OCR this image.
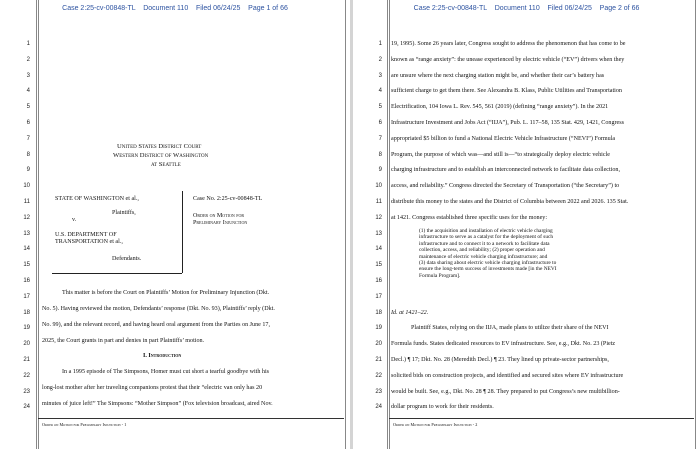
Case 2:25-cv-00848-TL Document 110 Filed 06/24/25 Page 1 of 66
1
2
3
4
5
6
7
8
9
10
11
12
13
14
15
16
17
18
19
20
21
22
23
24
United States District Court
Western District of Washington
at Seattle
STATE OF WASHINGTON et al.,
Plaintiffs,
v.
U.S. DEPARTMENT OF
TRANSPORTATION et al.,
Defendants.
Case No. 2:25-cv-00848-TL
Order on Motion for
Preliminary Injunction
This matter is before the Court on Plaintiffs’ Motion for Preliminary Injunction (Dkt.
No. 5). Having reviewed the motion, Defendants’ response (Dkt. No. 93), Plaintiffs’ reply (Dkt.
No. 99), and the relevant record, and having heard oral argument from the Parties on June 17,
2025, the Court grants in part and denies in part Plaintiffs’ motion.
I. Introduction
In a 1995 episode of The Simpsons, Homer must cut short a tearful goodbye with his
long-lost mother after her traveling companions protest that their “electric van only has 20
minutes of juice left!” The Simpsons: “Mother Simpson” (Fox television broadcast, aired Nov.
Order on Motion for Preliminary Injunction - 1
Case 2:25-cv-00848-TL Document 110 Filed 06/24/25 Page 2 of 66
1
2
3
4
5
6
7
8
9
10
11
12
13
14
15
16
17
18
19
20
21
22
23
24
19, 1995). Some 26 years later, Congress sought to address the phenomenon that has come to be
known as “range anxiety”: the unease experienced by electric vehicle (“EV”) drivers when they
are unsure where the next charging station might be, and whether their car’s battery has
sufficient charge to get them there. See Alexandra B. Klass, Public Utilities and Transportation
Electrification, 104 Iowa L. Rev. 545, 561 (2019) (defining “range anxiety”). In the 2021
Infrastructure Investment and Jobs Act (“IIJA”), Pub. L. 117–58, 135 Stat. 429, 1421, Congress
appropriated $5 billion to fund a National Electric Vehicle Infrastructure (“NEVI”) Formula
Program, the purpose of which was—and still is—“to strategically deploy electric vehicle
charging infrastructure and to establish an interconnected network to facilitate data collection,
access, and reliability.” Congress directed the Secretary of Transportation (“the Secretary”) to
distribute this money to the states and the District of Columbia between 2022 and 2026. 135 Stat.
at 1421. Congress established three specific uses for the money:
(1) the acquisition and installation of electric vehicle charging
infrastructure to serve as a catalyst for the deployment of such
infrastructure and to connect it to a network to facilitate data
collection, access, and reliability; (2) proper operation and
maintenance of electric vehicle charging infrastructure; and
(3) data sharing about electric vehicle charging infrastructure to
ensure the long-term success of investments made [in the NEVI
Formula Program].
Id. at 1421–22.
Plaintiff States, relying on the IIJA, made plans to utilize their share of the NEVI
Formula funds. States dedicated resources to EV infrastructure. See, e.g., Dkt. No. 23 (Pietz
Decl.) ¶ 17; Dkt. No. 28 (Meredith Decl.) ¶ 23. They lined up private-sector partnerships,
solicited bids on construction projects, and identified and secured sites where EV infrastructure
would be built. See, e.g., Dkt. No. 28 ¶ 28. They prepared to put Congress’s new multibillion-
dollar program to work for their residents.
Order on Motion for Preliminary Injunction - 2
